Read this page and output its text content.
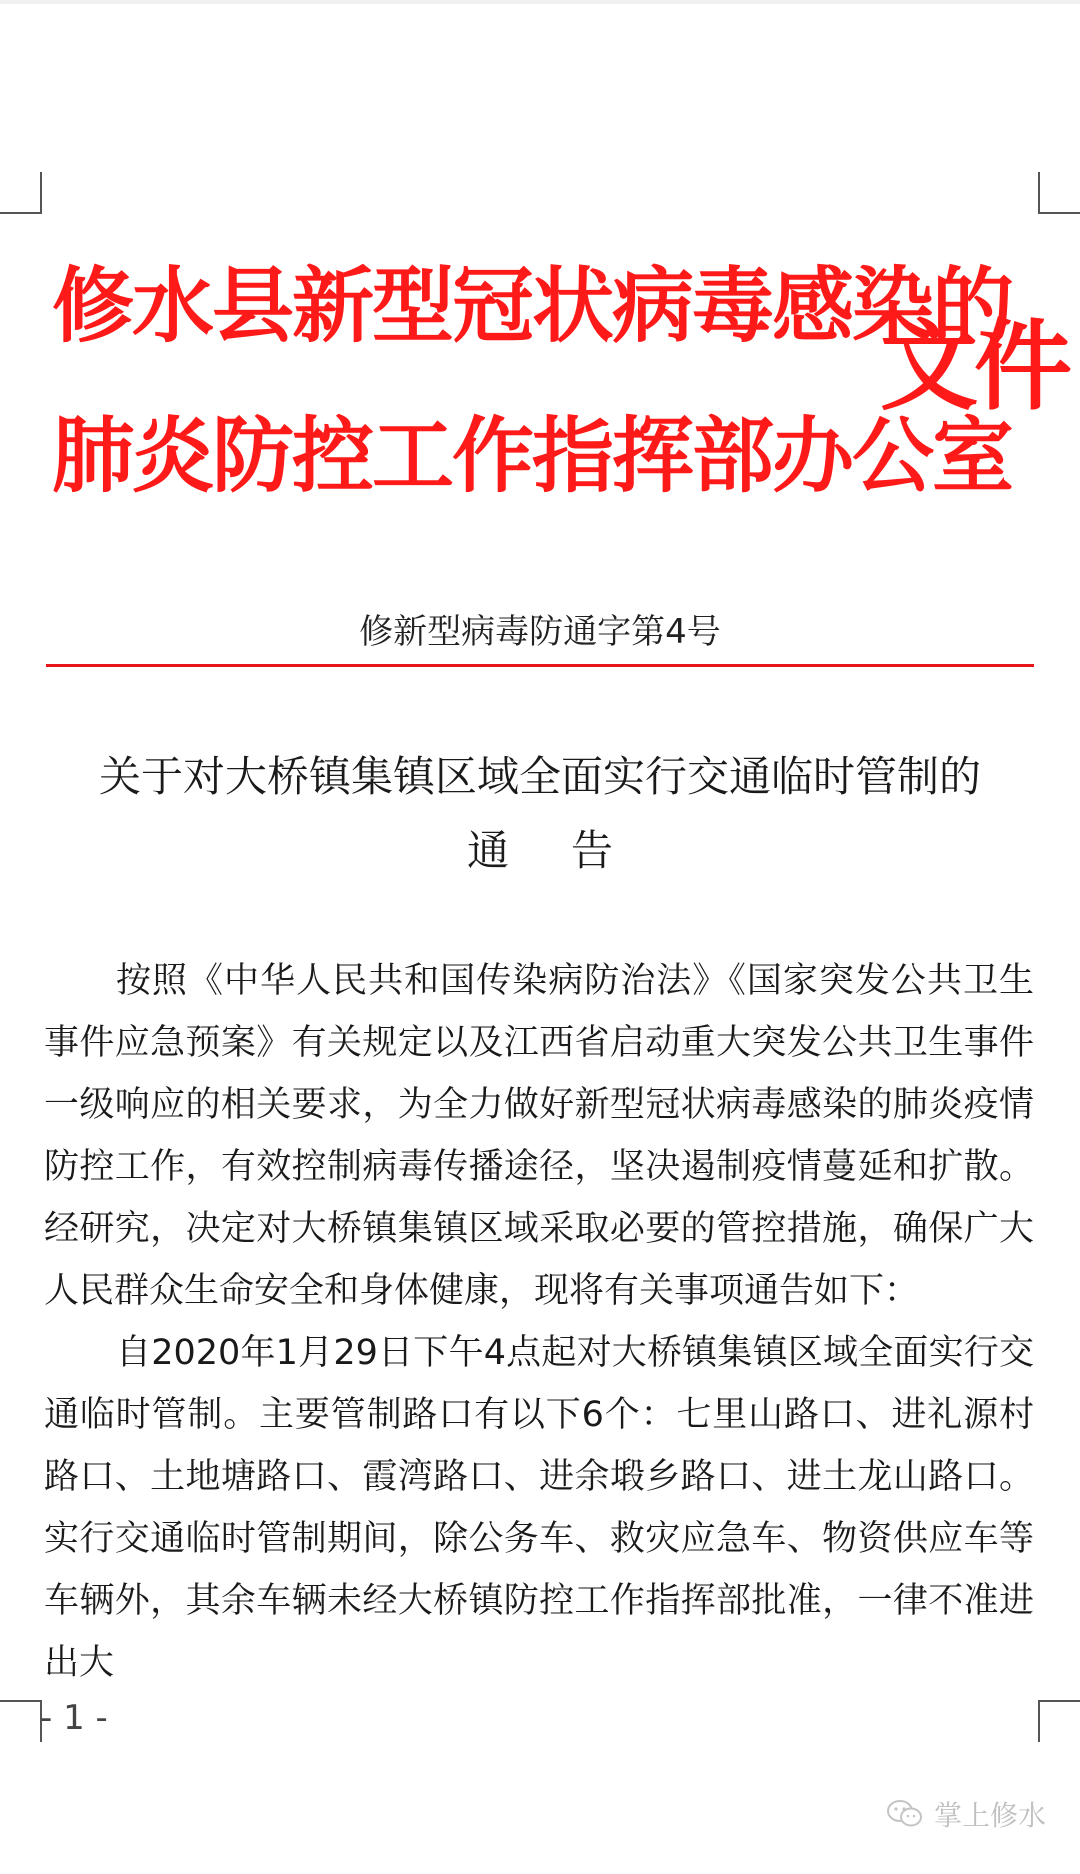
修水县新型冠状病毒感染的
肺炎防控工作指挥部办公室
文件
修新型病毒防通字第4号
关于对大桥镇集镇区域全面实行交通临时管制的
通告

按照《中华人民共和国传染病防治法》《国家突发公共卫生事件应急预案》有关规定以及江西省启动重大突发公共卫生事件一级响应的相关要求，为全力做好新型冠状病毒感染的肺炎疫情防控工作，有效控制病毒传播途径，坚决遏制疫情蔓延和扩散。经研究，决定对大桥镇集镇区域采取必要的管控措施，确保广大人民群众生命安全和身体健康，现将有关事项通告如下：

自2020年1月29日下午4点起对大桥镇集镇区域全面实行交通临时管制。主要管制路口有以下6个：七里山路口、进礼源村路口、土地塘路口、霞湾路口、进余塅乡路口、进土龙山路口。实行交通临时管制期间，除公务车、救灾应急车、物资供应车等车辆外，其余车辆未经大桥镇防控工作指挥部批准，一律不准进出大

- 1 -
掌上修水
